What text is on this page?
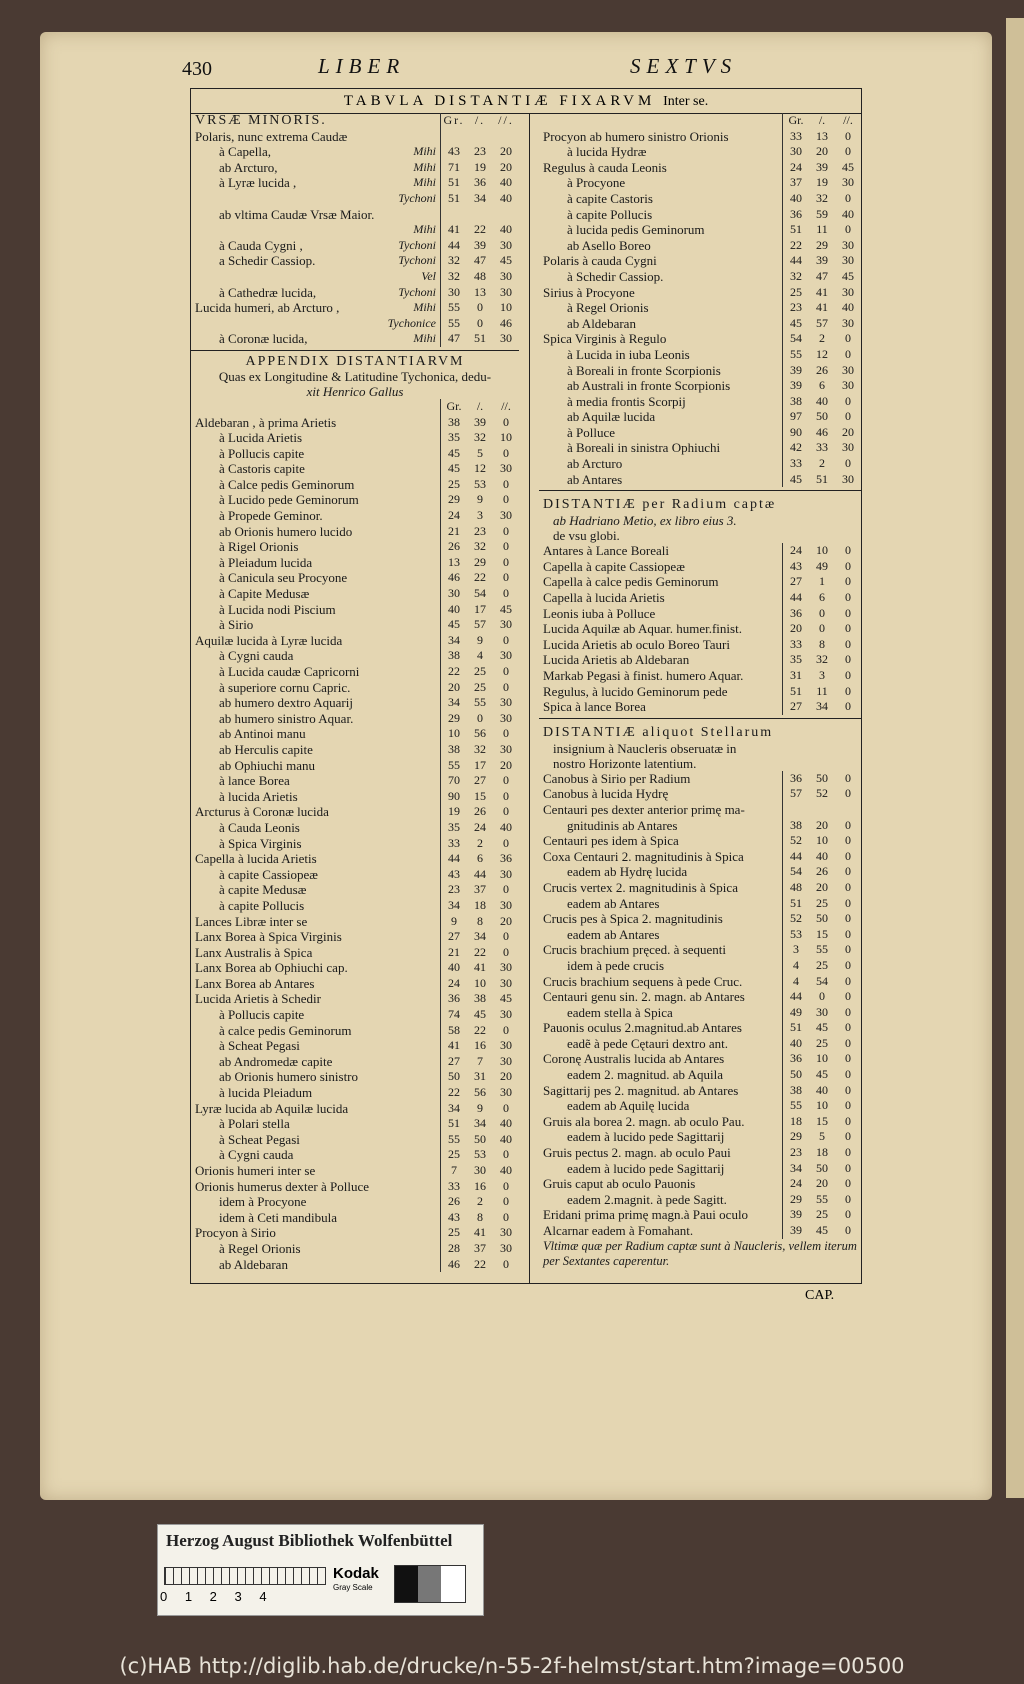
430	LIBER	SEXTVS
TABVLA DISTANTIÆ FIXARVM Inter se.
VRSÆ MINORIS.	Gr. /.	//.
Polaris, nunc extrema Caudæ
à Capella,	Mihi	43	23	20
ab Arcturo,	Mihi	71	19	20
à Lyræ lucida ,	Mihi	51	36	40
Tychoni	51	34	40
ab vltima Caudæ Vrsæ Maior.
Mihi	41	22	40
à Cauda Cygni ,	Tychoni	44	39	30
a Schedir Cassiop.	Tychoni	32	47	45
Vel	32	48	30
à Cathedræ lucida,	Tychoni	30	13	30
Lucida humeri, ab Arcturo ,	Mihi	55	0	10
Tychonice	55	0	46
à Coronæ lucida,	Mihi	47	51	30
APPENDIX DISTANTIARVM
Quas ex Longitudine & Latitudine Tychonica, dedu-
xit Henrico Gallus
Gr.	/.	//.
Aldebaran , à prima Arietis	38	39	0
à Lucida Arietis	35	32	10
à Pollucis capite	45	5	0
à Castoris capite	45	12	30
à Calce pedis Geminorum	25	53	0
à Lucido pede Geminorum	29	9	0
à Propede Geminor.	24	3	30
ab Orionis humero lucido	21	23	0
à Rigel Orionis	26	32	0
à Pleiadum lucida	13	29	0
à Canicula seu Procyone	46	22	0
à Capite Medusæ	30	54	0
à Lucida nodi Piscium	40	17	45
à Sirio	45	57	30
Aquilæ lucida à Lyræ lucida	34	9	0
à Cygni cauda	38	4	30
à Lucida caudæ Capricorni	22	25	0
à superiore cornu Capric.	20	25	0
ab humero dextro Aquarij	34	55	30
ab humero sinistro Aquar.	29	0	30
ab Antinoi manu	10	56	0
ab Herculis capite	38	32	30
ab Ophiuchi manu	55	17	20
à lance Borea	70	27	0
à lucida Arietis	90	15	0
Arcturus à Coronæ lucida	19	26	0
à Cauda Leonis	35	24	40
à Spica Virginis	33	2	0
Capella à lucida Arietis	44	6	36
à capite Cassiopeæ	43	44	30
à capite Medusæ	23	37	0
à capite Pollucis	34	18	30
Lances Libræ inter se	9	8	20
Lanx Borea à Spica Virginis	27	34	0
Lanx Australis à Spica	21	22	0
Lanx Borea ab Ophiuchi cap.	40	41	30
Lanx Borea ab Antares	24	10	30
Lucida Arietis à Schedir	36	38	45
à Pollucis capite	74	45	30
à calce pedis Geminorum	58	22	0
à Scheat Pegasi	41	16	30
ab Andromedæ capite	27	7	30
ab Orionis humero sinistro	50	31	20
à lucida Pleiadum	22	56	30
Lyræ lucida ab Aquilæ lucida	34	9	0
à Polari stella	51	34	40
à Scheat Pegasi	55	50	40
à Cygni cauda	25	53	0
Orionis humeri inter se	7	30	40
Orionis humerus dexter à Polluce	33	16	0
idem à Procyone	26	2	0
idem à Ceti mandibula	43	8	0
Procyon à Sirio	25	41	30
à Regel Orionis	28	37	30
ab Aldebaran	46	22	0
Gr.	/.	//.
Procyon ab humero sinistro Orionis	33	13	0
à lucida Hydræ	30	20	0
Regulus à cauda Leonis	24	39	45
à Procyone	37	19	30
à capite Castoris	40	32	0
à capite Pollucis	36	59	40
à lucida pedis Geminorum	51	11	0
ab Asello Boreo	22	29	30
Polaris à cauda Cygni	44	39	30
à Schedir Cassiop.	32	47	45
Sirius à Procyone	25	41	30
à Regel Orionis	23	41	40
ab Aldebaran	45	57	30
Spica Virginis à Regulo	54	2	0
à Lucida in iuba Leonis	55	12	0
à Boreali in fronte Scorpionis	39	26	30
ab Australi in fronte Scorpionis	39	6	30
à media frontis Scorpij	38	40	0
ab Aquilæ lucida	97	50	0
à Polluce	90	46	20
à Boreali in sinistra Ophiuchi	42	33	30
ab Arcturo	33	2	0
ab Antares	45	51	30
DISTANTIÆ per Radium captæ
ab Hadriano Metio, ex libro eius 3.
de vsu globi.
Antares à Lance Boreali	24	10	0
Capella à capite Cassiopeæ	43	49	0
Capella à calce pedis Geminorum	27	1	0
Capella à lucida Arietis	44	6	0
Leonis iuba à Polluce	36	0	0
Lucida Aquilæ ab Aquar. humer.finist.	20	0	0
Lucida Arietis ab oculo Boreo Tauri	33	8	0
Lucida Arietis ab Aldebaran	35	32	0
Markab Pegasi à finist. humero Aquar.	31	3	0
Regulus, à lucido Geminorum pede	51	11	0
Spica à lance Borea	27	34	0
DISTANTIÆ aliquot Stellarum
insignium à Naucleris obseruatæ in
nostro Horizonte latentium.
Canobus à Sirio per Radium	36	50	0
Canobus à lucida Hydrę	57	52	0
Centauri pes dexter anterior primę ma-
gnitudinis ab Antares	38	20	0
Centauri pes idem à Spica	52	10	0
Coxa Centauri 2. magnitudinis à Spica	44	40	0
eadem ab Hydrę lucida	54	26	0
Crucis vertex 2. magnitudinis à Spica	48	20	0
eadem ab Antares	51	25	0
Crucis pes à Spica 2. magnitudinis	52	50	0
eadem ab Antares	53	15	0
Crucis brachium pręced. à sequenti	3	55	0
idem à pede crucis	4	25	0
Crucis brachium sequens à pede Cruc.	4	54	0
Centauri genu sin. 2. magn. ab Antares	44	0	0
eadem stella à Spica	49	30	0
Pauonis oculus 2.magnitud.ab Antares	51	45	0
eadẽ à pede Cętauri dextro ant.	40	25	0
Coronę Australis lucida ab Antares	36	10	0
eadem 2. magnitud. ab Aquila	50	45	0
Sagittarij pes 2. magnitud. ab Antares	38	40	0
eadem ab Aquilę lucida	55	10	0
Gruis ala borea 2. magn. ab oculo Pau.	18	15	0
eadem à lucido pede Sagittarij	29	5	0
Gruis pectus 2. magn. ab oculo Paui	23	18	0
eadem à lucido pede Sagittarij	34	50	0
Gruis caput ab oculo Pauonis	24	20	0
eadem 2.magnit. à pede Sagitt.	29	55	0
Eridani prima primę magn.à Paui oculo	39	25	0
Alcarnar eadem à Fomahant.	39	45	0
Vltimæ quæ per Radium captæ sunt à Naucleris, vellem iterum per Sextantes caperentur.
CAP.
Herzog August Bibliothek Wolfenbüttel
Kodak
Gray Scale
0 1 2 3 4
(c)HAB http://diglib.hab.de/drucke/n-55-2f-helmst/start.htm?image=00500
